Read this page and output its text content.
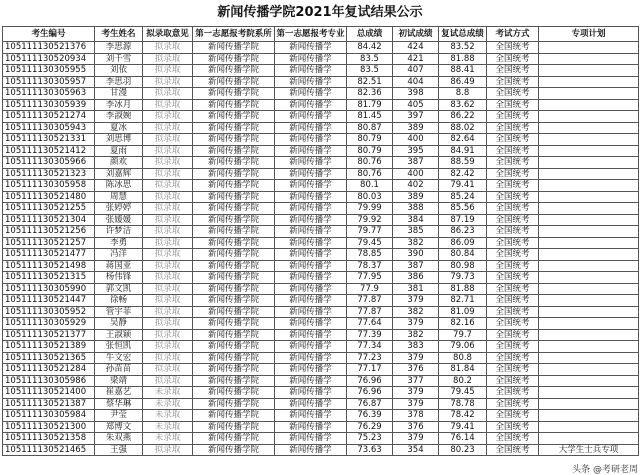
新闻传播学院2021年复试结果公示
考生编号	考生姓名	拟录取意见	第一志愿报考院系所	第一志愿报考专业	总成绩	初试成绩	复试总成绩	考试方式	专项计划
105111130521376	李思源	拟录取	新闻传播学院	新闻传播学	84.42	424	83.52	全国统考	
105111130520934	刘千雪	拟录取	新闻传播学院	新闻传播学	83.5	421	81.88	全国统考	
105111130305955	刘依	拟录取	新闻传播学院	新闻传播学	83.5	407	88.41	全国统考	
105111130305957	李思羽	拟录取	新闻传播学院	新闻传播学	82.51	404	86.49	全国统考	
105111130305963	甘漫	拟录取	新闻传播学院	新闻传播学	82.36	398	8.8	全国统考	
105111130305939	李冰月	拟录取	新闻传播学院	新闻传播学	81.79	405	83.62	全国统考	
105111130521274	李淑婉	拟录取	新闻传播学院	新闻传播学	81.45	397	86.22	全国统考	
105111130305943	夏冰	拟录取	新闻传播学院	新闻传播学	80.87	389	88.02	全国统考	
105111130521331	刘思博	拟录取	新闻传播学院	新闻传播学	80.79	400	82.64	全国统考	
105111130521412	夏雨	拟录取	新闻传播学院	新闻传播学	80.79	395	84.91	全国统考	
105111130305966	颜欢	拟录取	新闻传播学院	新闻传播学	80.76	387	88.59	全国统考	
105111130521323	刘嘉辉	拟录取	新闻传播学院	新闻传播学	80.76	400	82.42	全国统考	
105111130305958	陈冰思	拟录取	新闻传播学院	新闻传播学	80.1	402	79.41	全国统考	
105111130521480	周慧	拟录取	新闻传播学院	新闻传播学	80.03	389	85.24	全国统考	
105111130521255	张婷婷	拟录取	新闻传播学院	新闻传播学	79.99	388	85.56	全国统考	
105111130521304	张媛媛	拟录取	新闻传播学院	新闻传播学	79.92	384	87.19	全国统考	
105111130521256	许梦洁	拟录取	新闻传播学院	新闻传播学	79.77	385	86.23	全国统考	
105111130521257	李勇	拟录取	新闻传播学院	新闻传播学	79.45	382	86.09	全国统考	
105111130521477	冯洋	拟录取	新闻传播学院	新闻传播学	78.85	390	80.84	全国统考	
105111130521498	蒋国亚	拟录取	新闻传播学院	新闻传播学	78.37	387	80.98	全国统考	
105111130521315	杨伟锋	拟录取	新闻传播学院	新闻传播学	77.95	386	79.73	全国统考	
105111130305990	郭文凯	拟录取	新闻传播学院	新闻传播学	77.9	381	81.88	全国统考	
105111130521447	徐畅	拟录取	新闻传播学院	新闻传播学	77.87	379	82.71	全国统考	
105111130305952	管宇菲	拟录取	新闻传播学院	新闻传播学	77.87	382	81.09	全国统考	
105111130305929	吴静	拟录取	新闻传播学院	新闻传播学	77.64	379	82.16	全国统考	
105111130521377	王淑颖	拟录取	新闻传播学院	新闻传播学	77.39	382	79.7	全国统考	
105111130521389	张恒凯	拟录取	新闻传播学院	新闻传播学	77.34	383	79.06	全国统考	
105111130521365	牛文宏	拟录取	新闻传播学院	新闻传播学	77.23	379	80.8	全国统考	
105111130521284	孙苗苗	拟录取	新闻传播学院	新闻传播学	77.17	376	81.84	全国统考	
105111130305986	梁靖	拟录取	新闻传播学院	新闻传播学	76.96	377	80.2	全国统考	
105111130521400	崔嘉艺	未录取	新闻传播学院	新闻传播学	76.96	379	79.45	全国统考	
105111130521387	蔡华琳	未录取	新闻传播学院	新闻传播学	76.87	379	78.78	全国统考	
105111130305984	尹莹	未录取	新闻传播学院	新闻传播学	76.39	378	78.42	全国统考	
105111130521300	郑博文	未录取	新闻传播学院	新闻传播学	76.29	376	79.41	全国统考	
105111130521358	朱双燕	未录取	新闻传播学院	新闻传播学	75.23	379	76.14	全国统考	
105111130521465	王强	拟录取	新闻传播学院	新闻传播学	73.63	354	80.23	全国统考	大学生士兵专项
头条 @考研老周
